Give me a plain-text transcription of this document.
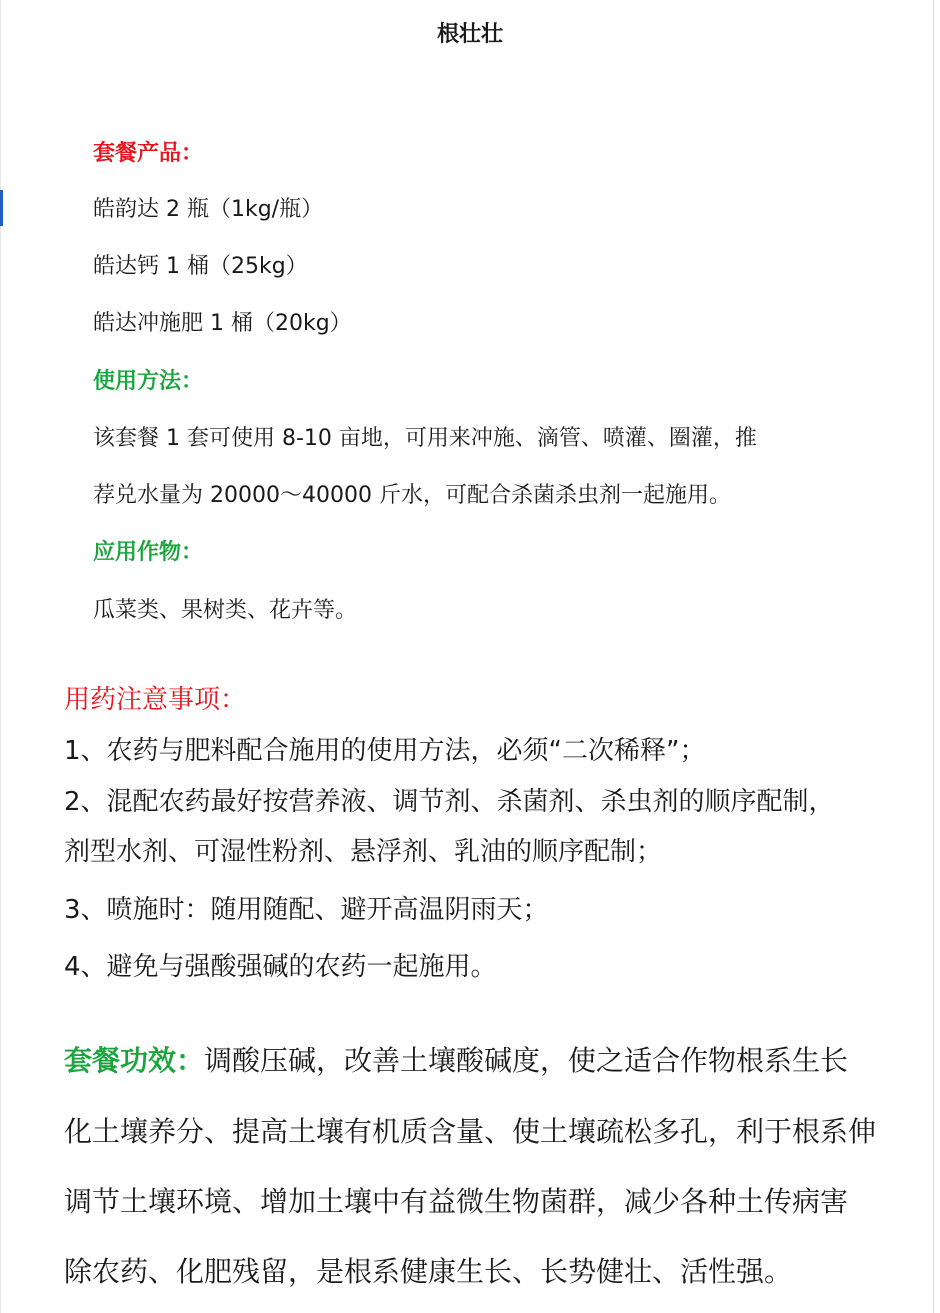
根壮壮
套餐产品：
皓韵达 2 瓶（1kg/瓶）
皓达钙 1 桶（25kg）
皓达冲施肥 1 桶（20kg）
使用方法：
该套餐 1 套可使用 8-10 亩地，可用来冲施、滴管、喷灌、圈灌，推
荐兑水量为 20000～40000 斤水，可配合杀菌杀虫剂一起施用。
应用作物：
瓜菜类、果树类、花卉等。
用药注意事项：
1、农药与肥料配合施用的使用方法，必须“二次稀释”；
2、混配农药最好按营养液、调节剂、杀菌剂、杀虫剂的顺序配制，
剂型水剂、可湿性粉剂、悬浮剂、乳油的顺序配制；
3、喷施时：随用随配、避开高温阴雨天；
4、避免与强酸强碱的农药一起施用。
套餐功效：调酸压碱，改善土壤酸碱度，使之适合作物根系生长
化土壤养分、提高土壤有机质含量、使土壤疏松多孔，利于根系伸
调节土壤环境、增加土壤中有益微生物菌群，减少各种土传病害
除农药、化肥残留，是根系健康生长、长势健壮、活性强。
